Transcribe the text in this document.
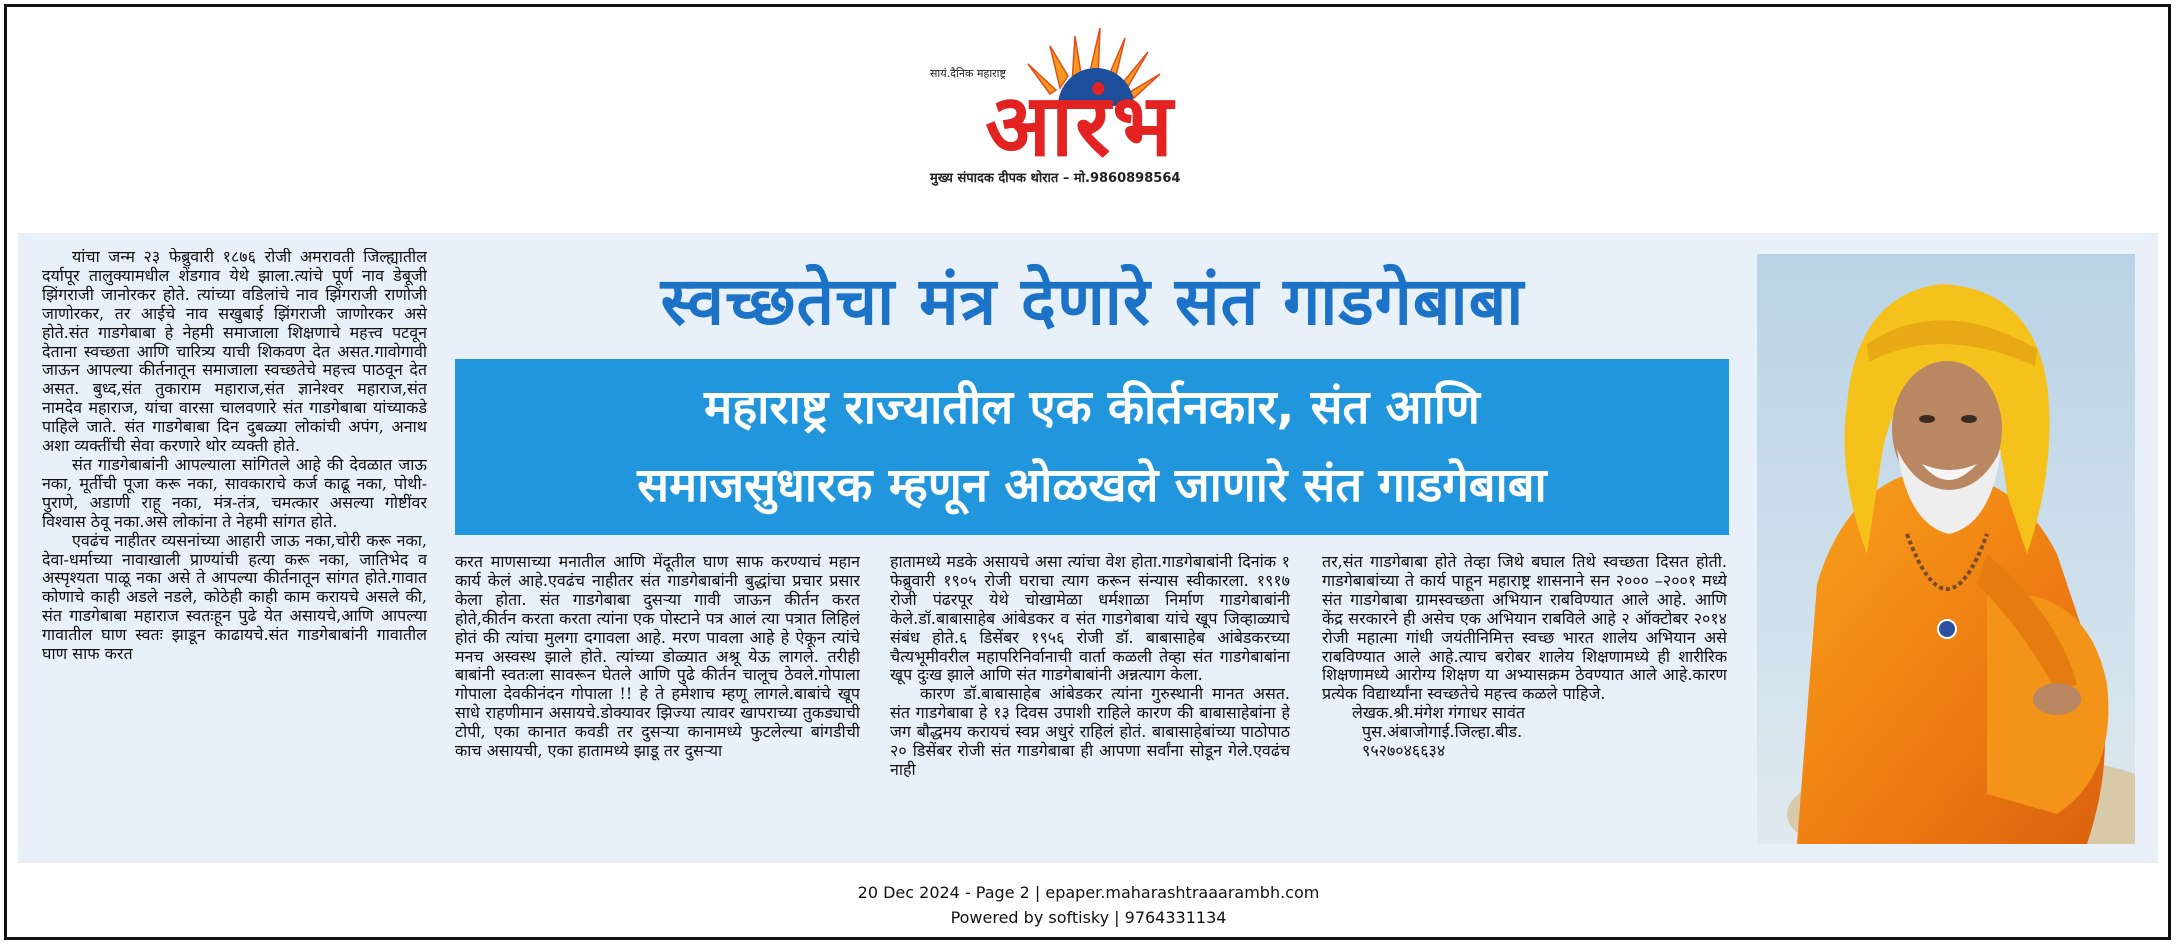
सायं.दैनिक महाराष्ट्र
आरंभ
मुख्य संपादक दीपक थोरात – मो.9860898564

यांचा जन्म २३ फेब्रुवारी १८७६ रोजी अमरावती जिल्ह्यातील दर्यापूर तालुक्यामधील शेंडगाव येथे झाला.त्यांचे पूर्ण नाव डेबूजी झिंगराजी जानोरकर होते. त्यांच्या वडिलांचे नाव झिंगराजी राणोजी जाणोरकर, तर आईचे नाव सखुबाई झिंगराजी जाणोरकर असे होते.संत गाडगेबाबा हे नेहमी समाजाला शिक्षणाचे महत्त्व पटवून देताना स्वच्छता आणि चारित्र्य याची शिकवण देत असत.गावोगावी जाऊन आपल्या कीर्तनातून समाजाला स्वच्छतेचे महत्त्व पाठवून देत असत. बुध्द,संत तुकाराम महाराज,संत ज्ञानेश्वर महाराज,संत नामदेव महाराज, यांचा वारसा चालवणारे संत गाडगेबाबा यांच्याकडे पाहिले जाते. संत गाडगेबाबा दिन दुबळ्या लोकांची अपंग, अनाथ अशा व्यक्तींची सेवा करणारे थोर व्यक्ती होते.

संत गाडगेबाबांनी आपल्याला सांगितले आहे की देवळात जाऊ नका, मूर्तीची पूजा करू नका, सावकाराचे कर्ज काढू नका, पोथी-पुराणे, अडाणी राहू नका, मंत्र-तंत्र, चमत्कार असल्या गोष्टींवर विश्वास ठेवू नका.असे लोकांना ते नेहमी सांगत होते.

एवढंच नाहीतर व्यसनांच्या आहारी जाऊ नका,चोरी करू नका, देवा-धर्माच्या नावाखाली प्राण्यांची हत्या करू नका, जातिभेद व अस्पृश्यता पाळू नका असे ते आपल्या कीर्तनातून सांगत होते.गावात कोणाचे काही अडले नडले, कोठेही काही काम करायचे असले की, संत गाडगेबाबा महाराज स्वतःहून पुढे येत असायचे,आणि आपल्या गावातील घाण स्वतः झाडून काढायचे.संत गाडगेबाबांनी गावातील घाण साफ करत

स्वच्छतेचा मंत्र देणारे संत गाडगेबाबा
महाराष्ट्र राज्यातील एक कीर्तनकार, संत आणि
समाजसुधारक म्हणून ओळखले जाणारे संत गाडगेबाबा

करत माणसाच्या मनातील आणि मेंदूतील घाण साफ करण्याचं महान कार्य केलं आहे.एवढंच नाहीतर संत गाडगेबाबांनी बुद्धांचा प्रचार प्रसार केला होता. संत गाडगेबाबा दुसऱ्या गावी जाऊन कीर्तन करत होते,कीर्तन करता करता त्यांना एक पोस्टाने पत्र आलं त्या पत्रात लिहिलं होतं की त्यांचा मुलगा दगावला आहे. मरण पावला आहे हे ऐकून त्यांचे मनच अस्वस्थ झाले होते. त्यांच्या डोळ्यात अश्रू येऊ लागले. तरीही बाबांनी स्वतःला सावरून घेतले आणि पुढे कीर्तन चालूच ठेवले.गोपाला गोपाला देवकीनंदन गोपाला !! हे ते हमेशाच म्हणू लागले.बाबांचे खूप साधे राहणीमान असायचे.डोक्यावर झिज्या त्यावर खापराच्या तुकड्याची टोपी, एका कानात कवडी तर दुसऱ्या कानामध्ये फुटलेल्या बांगडीची काच असायची, एका हातामध्ये झाडू तर दुसऱ्या

हातामध्ये मडके असायचे असा त्यांचा वेश होता.गाडगेबाबांनी दिनांक १ फेब्रुवारी १९०५ रोजी घराचा त्याग करून संन्यास स्वीकारला. १९१७ रोजी पंढरपूर येथे चोखामेळा धर्मशाळा निर्माण गाडगेबाबांनी केले.डॉ.बाबासाहेब आंबेडकर व संत गाडगेबाबा यांचे खूप जिव्हाळ्याचे संबंध होते.६ डिसेंबर १९५६ रोजी डॉ. बाबासाहेब आंबेडकरच्या चैत्यभूमीवरील महापरिनिर्वानाची वार्ता कळली तेव्हा संत गाडगेबाबांना खूप दुःख झाले आणि संत गाडगेबाबांनी अन्नत्याग केला.

कारण डॉ.बाबासाहेब आंबेडकर त्यांना गुरुस्थानी मानत असत. संत गाडगेबाबा हे १३ दिवस उपाशी राहिले कारण की बाबासाहेबांना हे जग बौद्धमय करायचं स्वप्न अधुरं राहिलं होतं. बाबासाहेबांच्या पाठोपाठ २० डिसेंबर रोजी संत गाडगेबाबा ही आपणा सर्वांना सोडून गेले.एवढंच नाही

तर,संत गाडगेबाबा होते तेव्हा जिथे बघाल तिथे स्वच्छता दिसत होती. गाडगेबाबांच्या ते कार्य पाहून महाराष्ट्र शासनाने सन २००० –२००१ मध्ये संत गाडगेबाबा ग्रामस्वच्छता अभियान राबविण्यात आले आहे. आणि केंद्र सरकारने ही असेच एक अभियान राबविले आहे २ ऑक्टोबर २०१४ रोजी महात्मा गांधी जयंतीनिमित्त स्वच्छ भारत शालेय अभियान असे राबविण्यात आले आहे.त्याच बरोबर शालेय शिक्षणामध्ये ही शारीरिक शिक्षणामध्ये आरोग्य शिक्षण या अभ्यासक्रम ठेवण्यात आले आहे.कारण प्रत्येक विद्यार्थ्यांना स्वच्छतेचे महत्त्व कळले पाहिजे.

लेखक.श्री.मंगेश गंगाधर सावंत

पुस.अंबाजोगाई.जिल्हा.बीड.

९५२७०४६६३४

20 Dec 2024 - Page 2 | epaper.maharashtraaarambh.com
Powered by softisky | 9764331134
